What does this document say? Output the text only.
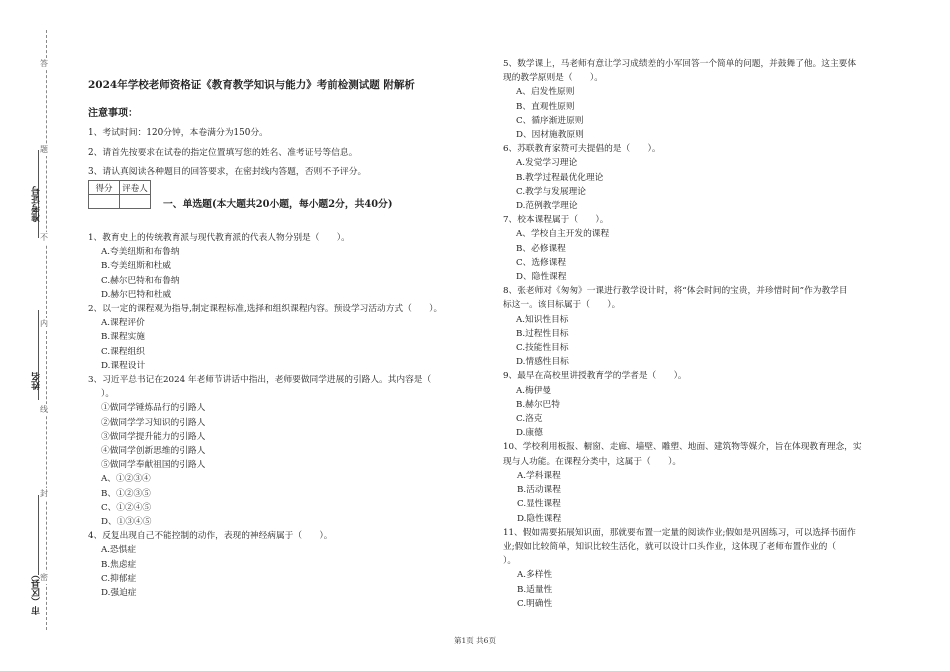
答
题
不
内
线
封
密
准考证号
姓名
市（区县）
2024年学校老师资格证《教育教学知识与能力》考前检测试题 附解析
注意事项：
1、考试时间：120分钟，本卷满分为150分。
2、请首先按要求在试卷的指定位置填写您的姓名、准考证号等信息。
3、请认真阅读各种题目的回答要求，在密封线内答题，否则不予评分。
得分	评卷人

一、单选题(本大题共20小题，每小题2分，共40分)

1、教育史上的传统教育派与现代教育派的代表人物分别是（　　）。

A.夸美纽斯和布鲁纳

B.夸美纽斯和杜威

C.赫尔巴特和布鲁纳

D.赫尔巴特和杜威

2、以一定的课程观为指导,制定课程标准,选择和组织课程内容。预设学习活动方式（　　）。

A.课程评价

B.课程实施

C.课程组织

D.课程设计

3、习近平总书记在2024 年老师节讲话中指出，老师要做同学进展的引路人。其内容是（

）。

①做同学锤炼品行的引路人

②做同学学习知识的引路人

③做同学提升能力的引路人

④做同学创新思维的引路人

⑤做同学奉献祖国的引路人

A、①②③④

B、①②③⑤

C、①②④⑤

D、①③④⑤

4、反复出现自己不能控制的动作，表现的神经病属于（　　）。

A.恐惧症

B.焦虑症

C.抑郁症

D.强迫症

5、数学课上，马老师有意让学习成绩差的小军回答一个简单的问题，并鼓舞了他。这主要体

现的教学原则是（　　）。

A、启发性原则

B、直观性原则

C、循序渐进原则

D、因材施教原则

6、苏联教育家赞可夫提倡的是（　　）。

A.发觉学习理论

B.教学过程最优化理论

C.教学与发展理论

D.范例教学理论

7、校本课程属于（　　）。

A、学校自主开发的课程

B、必修课程

C、选修课程

D、隐性课程

8、张老师对《匆匆》一课进行教学设计时，将“体会时间的宝贵，并珍惜时间”作为教学目

标这一。该目标属于（　　）。

A.知识性目标

B.过程性目标

C.技能性目标

D.情感性目标

9、最早在高校里讲授教育学的学者是（　　）。

A.梅伊曼

B.赫尔巴特

C.洛克

D.康德

10、学校利用板报、橱窗、走廊、墙壁、雕塑、地面、建筑物等媒介，旨在体现教育理念，实

现与人功能。在课程分类中，这属于（　　）。

A.学科课程

B.活动课程

C.显性课程

D.隐性课程

11、假如需要拓展知识面，那就要布置一定量的阅读作业;假如是巩固练习，可以选择书面作

业;假如比较简单，知识比较生活化，就可以设计口头作业，这体现了老师布置作业的（

）。

A.多样性

B.适量性

C.明确性

第1页 共6页
